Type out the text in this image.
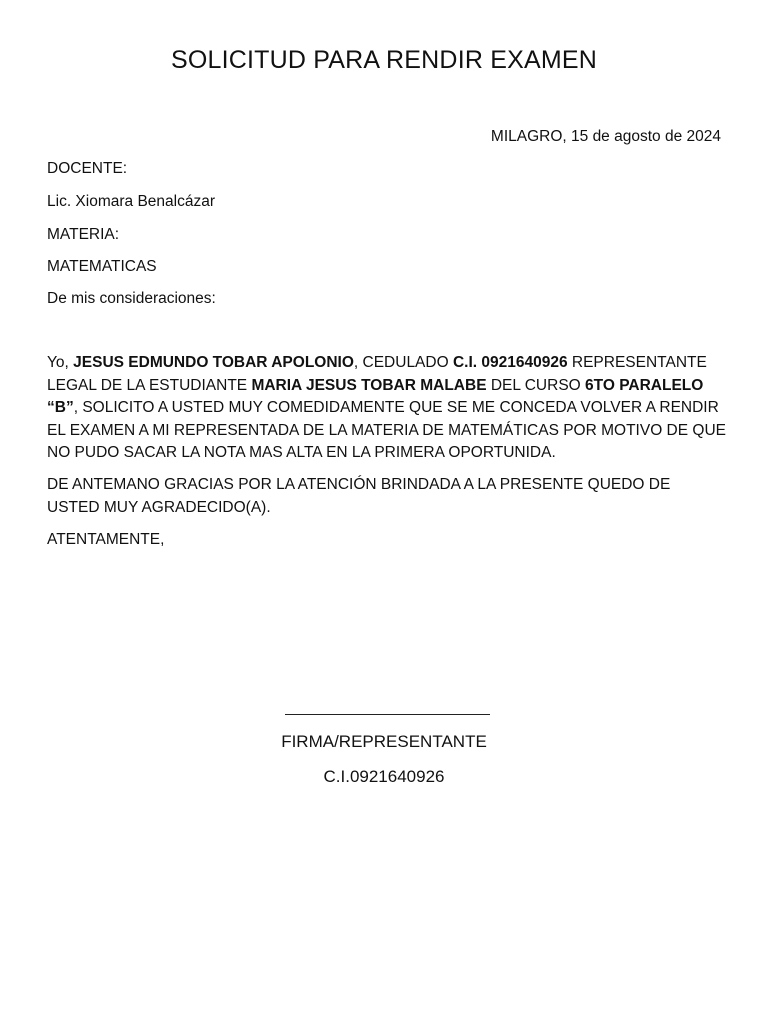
SOLICITUD PARA RENDIR EXAMEN
MILAGRO, 15 de agosto de 2024
DOCENTE:
Lic. Xiomara Benalcázar
MATERIA:
MATEMATICAS
De mis consideraciones:
Yo, JESUS EDMUNDO TOBAR APOLONIO, CEDULADO C.I. 0921640926 REPRESENTANTE LEGAL DE LA ESTUDIANTE MARIA JESUS TOBAR MALABE DEL CURSO 6TO PARALELO “B”, SOLICITO A USTED MUY COMEDIDAMENTE QUE SE ME CONCEDA VOLVER A RENDIR EL EXAMEN A MI REPRESENTADA DE LA MATERIA DE MATEMÁTICAS POR MOTIVO DE QUE NO PUDO SACAR LA NOTA MAS ALTA EN LA PRIMERA OPORTUNIDA.
DE ANTEMANO GRACIAS POR LA ATENCIÓN BRINDADA A LA PRESENTE QUEDO DE USTED MUY AGRADECIDO(A).
ATENTAMENTE,
FIRMA/REPRESENTANTE
C.I.0921640926
